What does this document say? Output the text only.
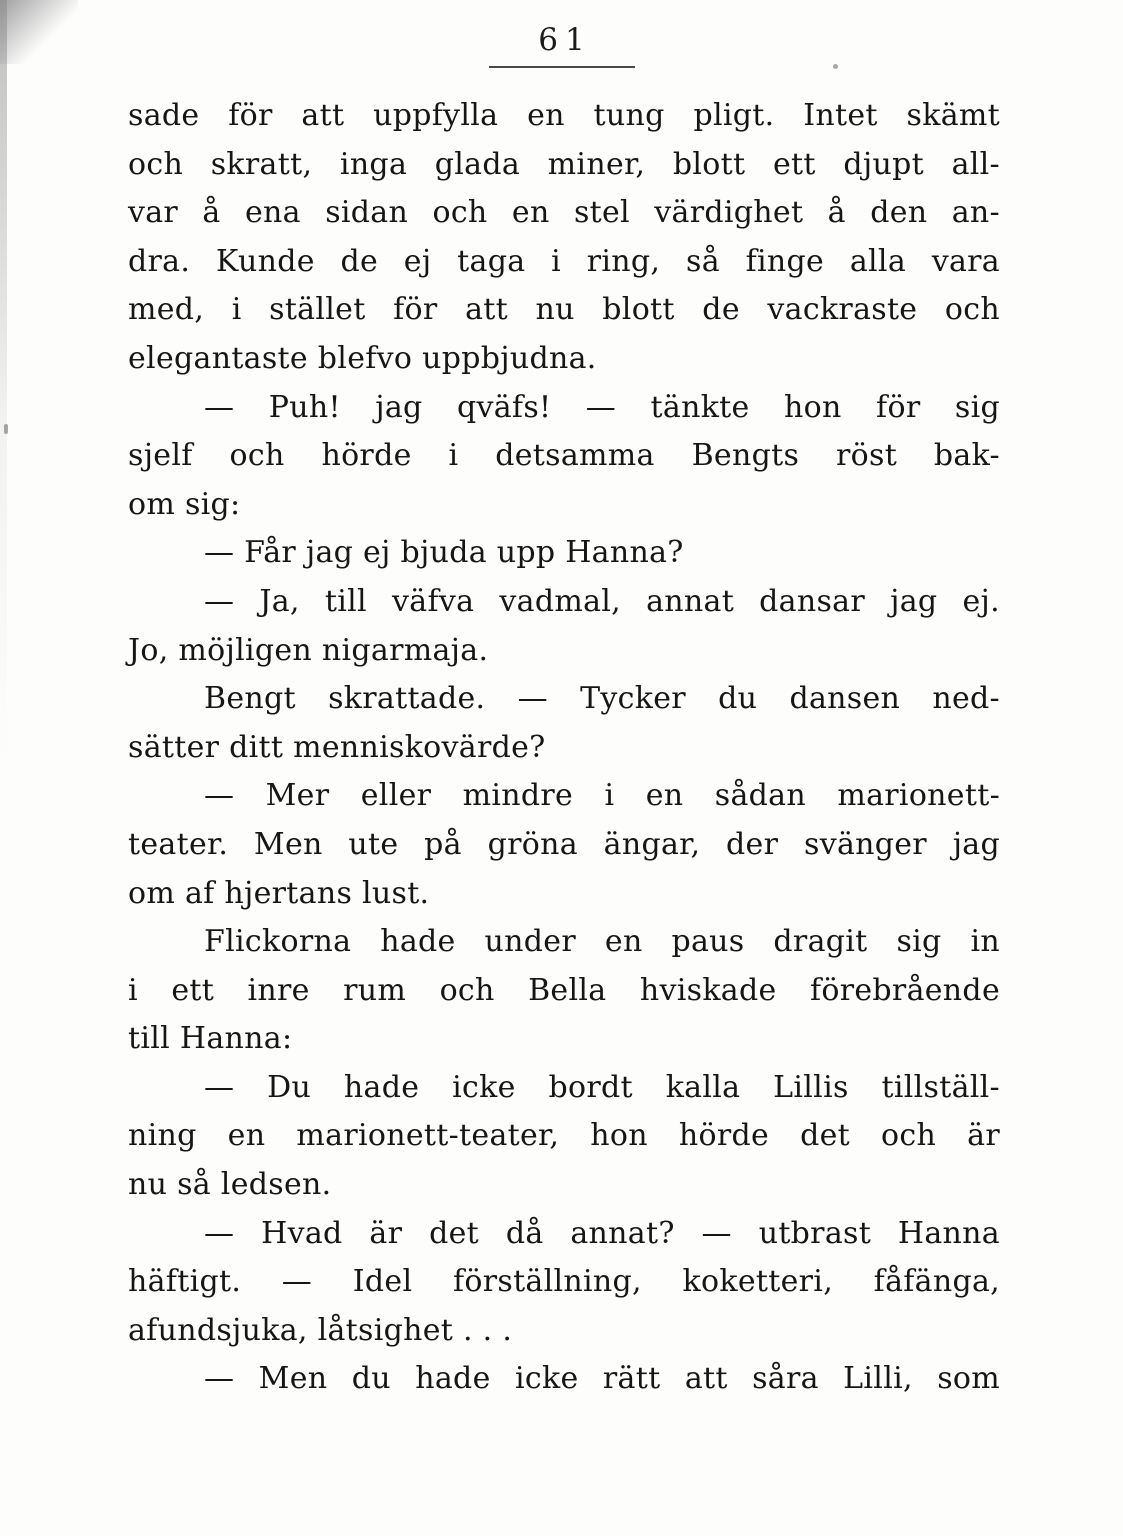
61
sade för att uppfylla en tung pligt. Intet skämt
och skratt, inga glada miner, blott ett djupt all-
var å ena sidan och en stel värdighet å den an-
dra. Kunde de ej taga i ring, så finge alla vara
med, i stället för att nu blott de vackraste och
elegantaste blefvo uppbjudna.
— Puh! jag qväfs! — tänkte hon för sig
sjelf och hörde i detsamma Bengts röst bak-
om sig:
— Får jag ej bjuda upp Hanna?
— Ja, till väfva vadmal, annat dansar jag ej.
Jo, möjligen nigarmaja.
Bengt skrattade. — Tycker du dansen ned-
sätter ditt menniskovärde?
— Mer eller mindre i en sådan marionett-
teater. Men ute på gröna ängar, der svänger jag
om af hjertans lust.
Flickorna hade under en paus dragit sig in
i ett inre rum och Bella hviskade förebrående
till Hanna:
— Du hade icke bordt kalla Lillis tillställ-
ning en marionett-teater, hon hörde det och är
nu så ledsen.
— Hvad är det då annat? — utbrast Hanna
häftigt. — Idel förställning, koketteri, fåfänga,
afundsjuka, låtsighet . . .
— Men du hade icke rätt att såra Lilli, som
